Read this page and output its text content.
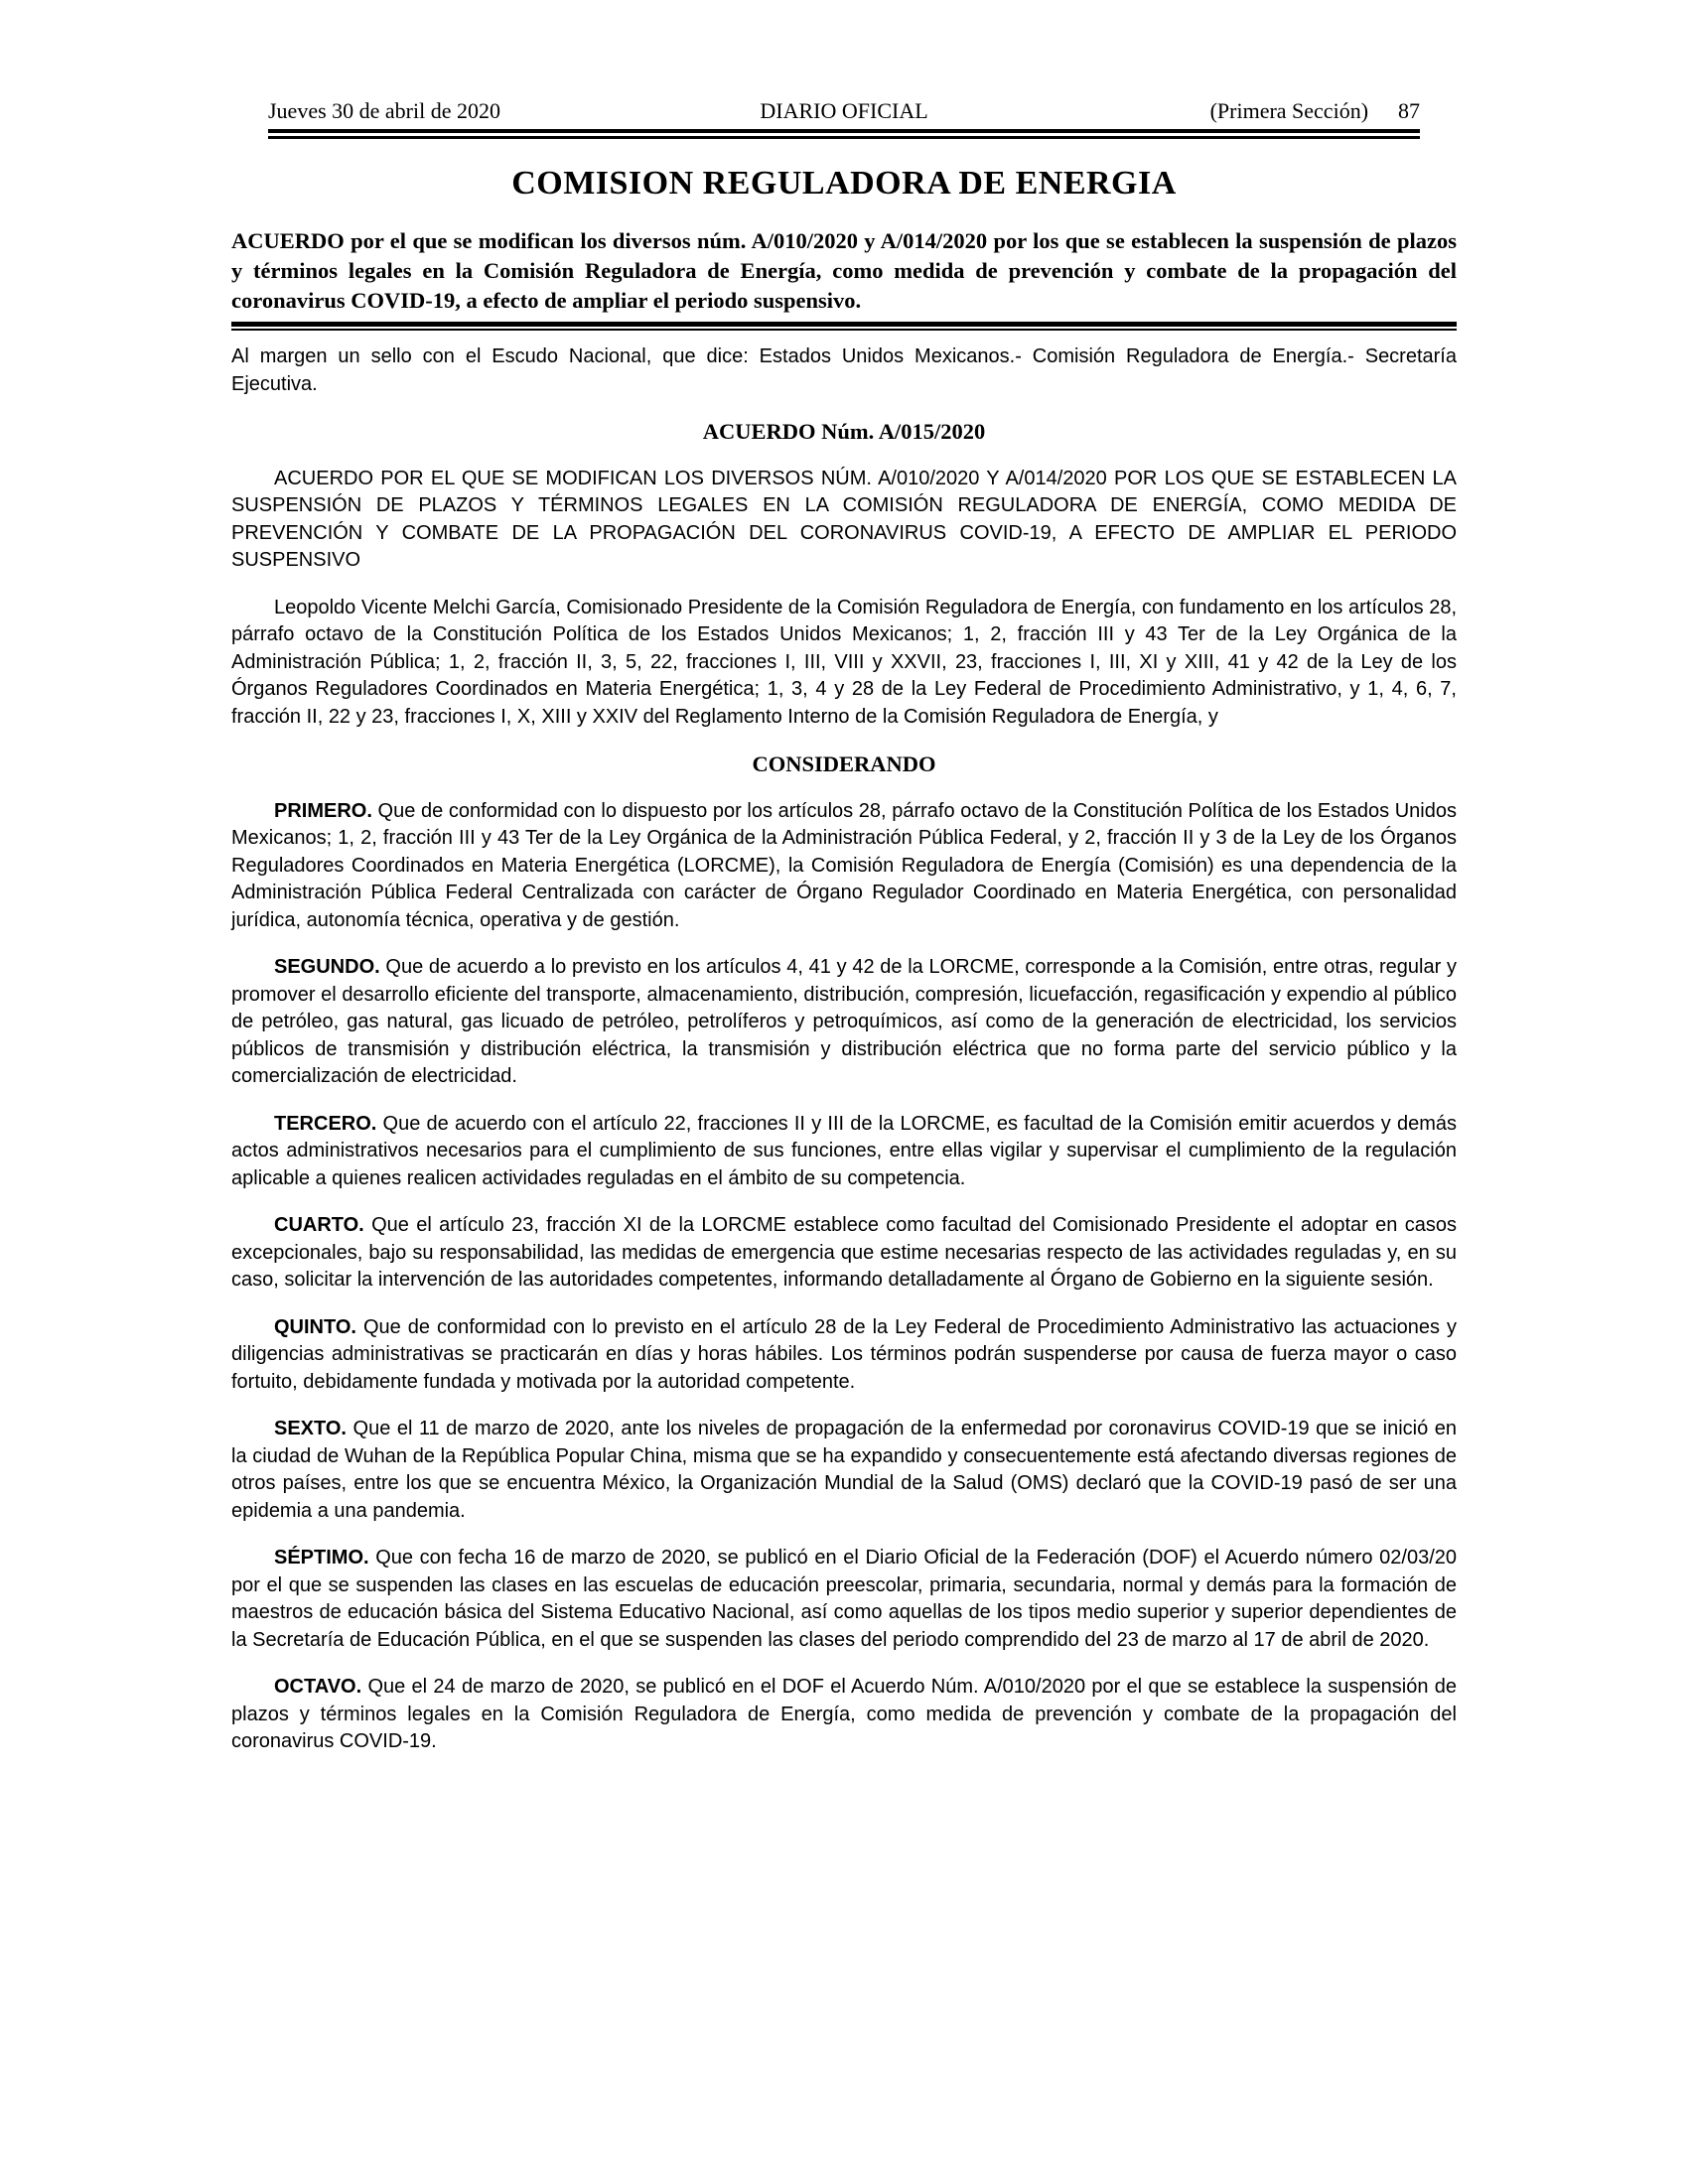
Jueves 30 de abril de 2020	DIARIO OFICIAL	(Primera Sección) 87
COMISION REGULADORA DE ENERGIA

ACUERDO por el que se modifican los diversos núm. A/010/2020 y A/014/2020 por los que se establecen la suspensión de plazos y términos legales en la Comisión Reguladora de Energía, como medida de prevención y combate de la propagación del coronavirus COVID-19, a efecto de ampliar el periodo suspensivo.

Al margen un sello con el Escudo Nacional, que dice: Estados Unidos Mexicanos.- Comisión Reguladora de Energía.- Secretaría Ejecutiva.

ACUERDO Núm. A/015/2020

ACUERDO POR EL QUE SE MODIFICAN LOS DIVERSOS NÚM. A/010/2020 Y A/014/2020 POR LOS QUE SE ESTABLECEN LA SUSPENSIÓN DE PLAZOS Y TÉRMINOS LEGALES EN LA COMISIÓN REGULADORA DE ENERGÍA, COMO MEDIDA DE PREVENCIÓN Y COMBATE DE LA PROPAGACIÓN DEL CORONAVIRUS COVID-19, A EFECTO DE AMPLIAR EL PERIODO SUSPENSIVO

Leopoldo Vicente Melchi García, Comisionado Presidente de la Comisión Reguladora de Energía, con fundamento en los artículos 28, párrafo octavo de la Constitución Política de los Estados Unidos Mexicanos; 1, 2, fracción III y 43 Ter de la Ley Orgánica de la Administración Pública; 1, 2, fracción II, 3, 5, 22, fracciones I, III, VIII y XXVII, 23, fracciones I, III, XI y XIII, 41 y 42 de la Ley de los Órganos Reguladores Coordinados en Materia Energética; 1, 3, 4 y 28 de la Ley Federal de Procedimiento Administrativo, y 1, 4, 6, 7, fracción II, 22 y 23, fracciones I, X, XIII y XXIV del Reglamento Interno de la Comisión Reguladora de Energía, y

CONSIDERANDO

PRIMERO. Que de conformidad con lo dispuesto por los artículos 28, párrafo octavo de la Constitución Política de los Estados Unidos Mexicanos; 1, 2, fracción III y 43 Ter de la Ley Orgánica de la Administración Pública Federal, y 2, fracción II y 3 de la Ley de los Órganos Reguladores Coordinados en Materia Energética (LORCME), la Comisión Reguladora de Energía (Comisión) es una dependencia de la Administración Pública Federal Centralizada con carácter de Órgano Regulador Coordinado en Materia Energética, con personalidad jurídica, autonomía técnica, operativa y de gestión.

SEGUNDO. Que de acuerdo a lo previsto en los artículos 4, 41 y 42 de la LORCME, corresponde a la Comisión, entre otras, regular y promover el desarrollo eficiente del transporte, almacenamiento, distribución, compresión, licuefacción, regasificación y expendio al público de petróleo, gas natural, gas licuado de petróleo, petrolíferos y petroquímicos, así como de la generación de electricidad, los servicios públicos de transmisión y distribución eléctrica, la transmisión y distribución eléctrica que no forma parte del servicio público y la comercialización de electricidad.

TERCERO. Que de acuerdo con el artículo 22, fracciones II y III de la LORCME, es facultad de la Comisión emitir acuerdos y demás actos administrativos necesarios para el cumplimiento de sus funciones, entre ellas vigilar y supervisar el cumplimiento de la regulación aplicable a quienes realicen actividades reguladas en el ámbito de su competencia.

CUARTO. Que el artículo 23, fracción XI de la LORCME establece como facultad del Comisionado Presidente el adoptar en casos excepcionales, bajo su responsabilidad, las medidas de emergencia que estime necesarias respecto de las actividades reguladas y, en su caso, solicitar la intervención de las autoridades competentes, informando detalladamente al Órgano de Gobierno en la siguiente sesión.

QUINTO. Que de conformidad con lo previsto en el artículo 28 de la Ley Federal de Procedimiento Administrativo las actuaciones y diligencias administrativas se practicarán en días y horas hábiles. Los términos podrán suspenderse por causa de fuerza mayor o caso fortuito, debidamente fundada y motivada por la autoridad competente.

SEXTO. Que el 11 de marzo de 2020, ante los niveles de propagación de la enfermedad por coronavirus COVID-19 que se inició en la ciudad de Wuhan de la República Popular China, misma que se ha expandido y consecuentemente está afectando diversas regiones de otros países, entre los que se encuentra México, la Organización Mundial de la Salud (OMS) declaró que la COVID-19 pasó de ser una epidemia a una pandemia.

SÉPTIMO. Que con fecha 16 de marzo de 2020, se publicó en el Diario Oficial de la Federación (DOF) el Acuerdo número 02/03/20 por el que se suspenden las clases en las escuelas de educación preescolar, primaria, secundaria, normal y demás para la formación de maestros de educación básica del Sistema Educativo Nacional, así como aquellas de los tipos medio superior y superior dependientes de la Secretaría de Educación Pública, en el que se suspenden las clases del periodo comprendido del 23 de marzo al 17 de abril de 2020.

OCTAVO. Que el 24 de marzo de 2020, se publicó en el DOF el Acuerdo Núm. A/010/2020 por el que se establece la suspensión de plazos y términos legales en la Comisión Reguladora de Energía, como medida de prevención y combate de la propagación del coronavirus COVID-19.
